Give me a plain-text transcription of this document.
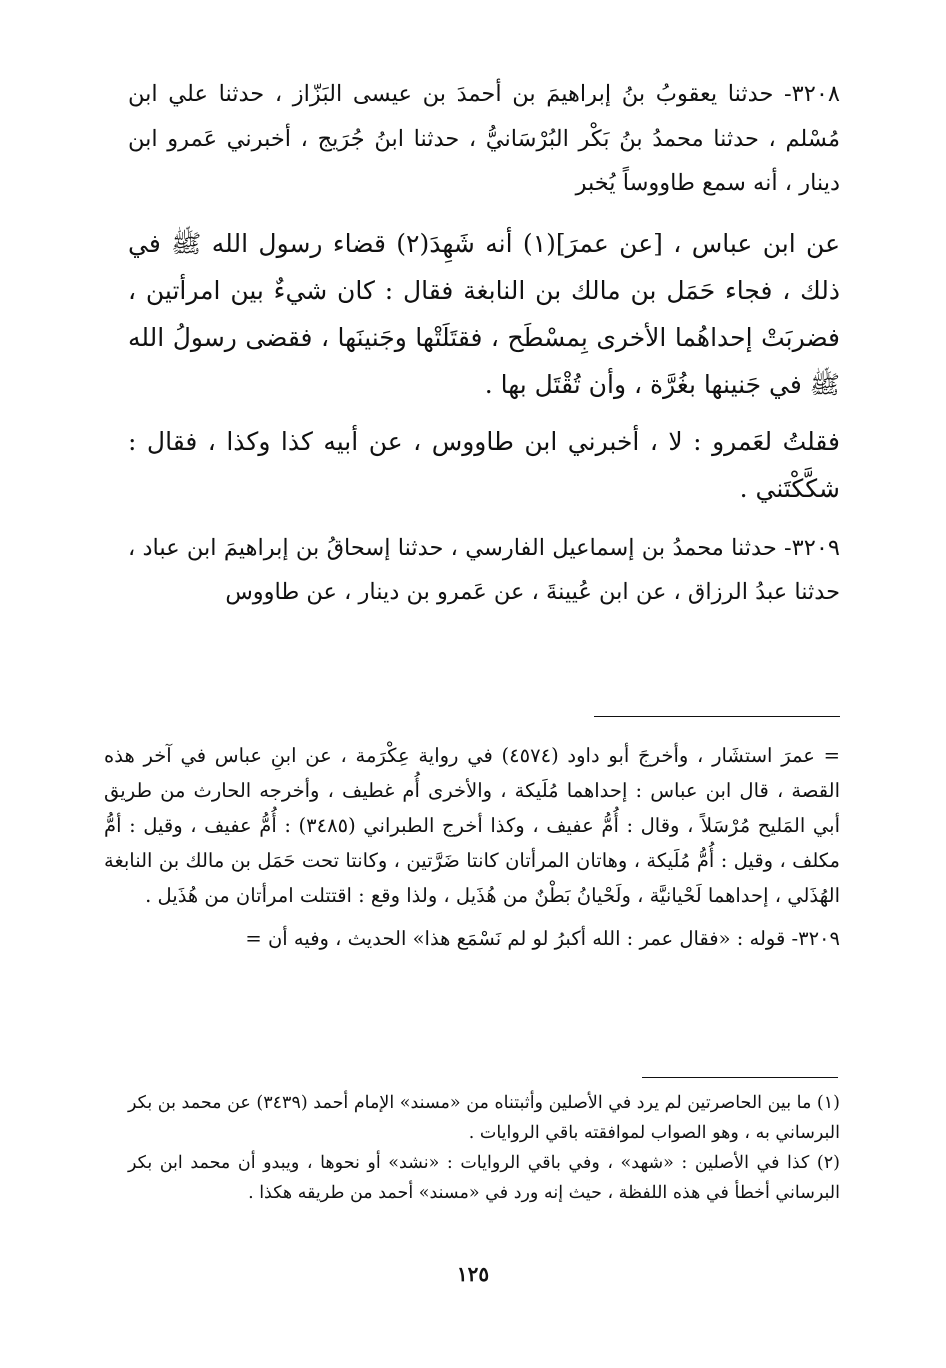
٣٢٠٨- حدثنا يعقوبُ بنُ إبراهيمَ بن أحمدَ بن عيسى البَزّاز ، حدثنا علي ابن مُسْلم ، حدثنا محمدُ بنُ بَكْر البُرْسَانيُّ ، حدثنا ابنُ جُرَيج ، أخبرني عَمرو ابن دينار ، أنه سمع طاووساً يُخبر

عن ابن عباس ، [عن عمرَ](١) أنه شَهِدَ(٢) قضاء رسول الله ﷺ في ذلك ، فجاء حَمَل بن مالك بن النابغة فقال : كان شيءٌ بين امرأتين ، فضربَتْ إحداهُما الأخرى بِمسْطَح ، فقتَلَتْها وجَنينَها ، فقضى رسولُ الله ﷺ في جَنينها بغُرَّة ، وأن تُقْتَل بها .

فقلتُ لعَمرو : لا ، أخبرني ابن طاووس ، عن أبيه كذا وكذا ، فقال : شكَّكْتَني .

٣٢٠٩- حدثنا محمدُ بن إسماعيل الفارسي ، حدثنا إسحاقُ بن إبراهيمَ ابن عباد ، حدثنا عبدُ الرزاق ، عن ابن عُيينةَ ، عن عَمرو بن دينار ، عن طاووس

= عمرَ استشَار ، وأخرجَ أبو داود (٤٥٧٤) في رواية عِكْرَمة ، عن ابنِ عباس في آخر هذه القصة ، قال ابن عباس : إحداهما مُلَيكة ، والأخرى أُم غطيف ، وأخرجه الحارث من طريق أبي المَليح مُرْسَلاً ، وقال : أُمُّ عفيف ، وكذا أخرج الطبراني (٣٤٨٥) : أُمُّ عفيف ، وقيل : أمُّ مكلف ، وقيل : أُمُّ مُلَيكة ، وهاتان المرأتان كانتا ضَرَّتين ، وكانتا تحت حَمَل بن مالك بن النابغة الهُذَلي ، إحداهما لَحْيانيَّة ، ولَحْيانُ بَطْنٌ من هُذَيل ، ولذا وقع : اقتتلت امرأتان من هُذَيل .

٣٢٠٩- قوله : «فقال عمر : الله أكبرُ لو لم نَسْمَع هذا» الحديث ، وفيه أن =

(١) ما بين الحاصرتين لم يرد في الأصلين وأثبتناه من «مسند» الإمام أحمد (٣٤٣٩) عن محمد بن بكر البرساني به ، وهو الصواب لموافقته باقي الروايات .

(٢) كذا في الأصلين : «شهد» ، وفي باقي الروايات : «نشد» أو نحوها ، ويبدو أن محمد ابن بكر البرساني أخطأ في هذه اللفظة ، حيث إنه ورد في «مسند» أحمد من طريقه هكذا .

١٢٥
